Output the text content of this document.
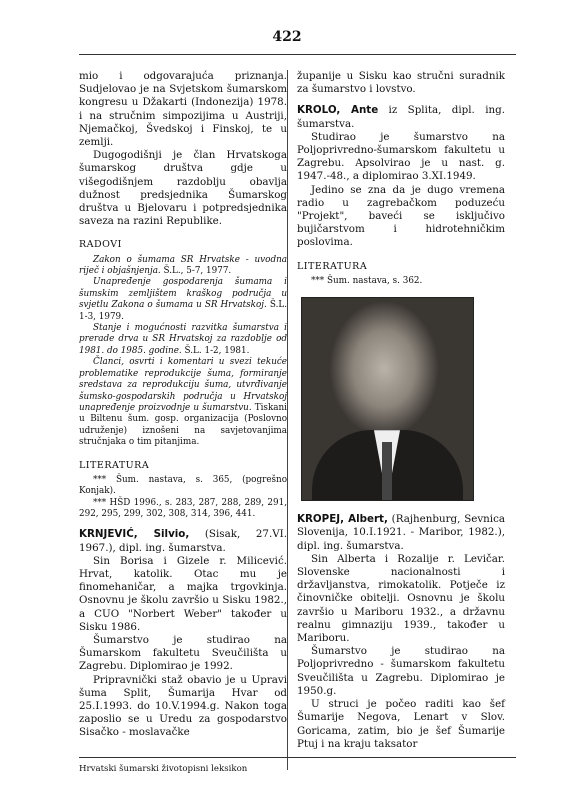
422

mio i odgovarajuća priznanja. Sudjelovao je na Svjetskom šumarskom kongresu u Džakarti (Indonezija) 1978. i na stručnim simpozijima u Austriji, Njemačkoj, Švedskoj i Finskoj, te u zemlji.

Dugogodišnji je član Hrvatskoga šumarskog društva gdje u višegodišnjem razdoblju obavlja dužnost predsjednika Šumarskog društva u Bjelovaru i potpredsjednika saveza na razini Republike.

RADOVI

Zakon o šumama SR Hrvatske - uvodna riječ i objašnjenja. Š.L., 5-7, 1977.

Unapređenje gospodarenja šumama i šumskim zemljištem kraškog područja u svjetlu Zakona o šumama u SR Hrvatskoj. Š.L. 1-3, 1979.

Stanje i mogućnosti razvitka šumarstva i prerade drva u SR Hrvatskoj za razdoblje od 1981. do 1985. godine. Š.L. 1-2, 1981.

Članci, osvrti i komentari u svezi tekuće problematike reprodukcije šuma, formiranje sredstava za reprodukciju šuma, utvrđivanje šumsko-gospodarskih područja u Hrvatskoj unapređenje proizvodnje u šumarstvu. Tiskani u Biltenu šum. gosp. organizacija (Poslovno udruženje) iznošeni na savjetovanjima stručnjaka o tim pitanjima.

LITERATURA

*** Šum. nastava, s. 365, (pogrešno Konjak).

*** HŠD 1996., s. 283, 287, 288, 289, 291, 292, 295, 299, 302, 308, 314, 396, 441.

KRNJEVIĆ, Silvio, (Sisak, 27.VI. 1967.), dipl. ing. šumarstva.

Sin Borisa i Gizele r. Milicević. Hrvat, katolik. Otac mu je finomehaničar, a majka trgovkinja. Osnovnu je školu završio u Sisku 1982., a CUO "Norbert Weber" također u Sisku 1986.

Šumarstvo je studirao na Šumarskom fakultetu Sveučilišta u Zagrebu. Diplomirao je 1992.

Pripravnički staž obavio je u Upravi šuma Split, Šumarija Hvar od 25.I.1993. do 10.V.1994.g. Nakon toga zaposlio se u Uredu za gospodarstvo Sisačko - moslavačke

županije u Sisku kao stručni suradnik za šumarstvo i lovstvo.

KROLO, Ante iz Splita, dipl. ing. šumarstva.

Studirao je šumarstvo na Poljoprivredno-šumarskom fakultetu u Zagrebu. Apsolvirao je u nast. g. 1947.-48., a diplomirao 3.XI.1949.

Jedino se zna da je dugo vremena radio u zagrebačkom poduzeću "Projekt", baveći se isključivo bujičarstvom i hidrotehničkim poslovima.

LITERATURA

*** Šum. nastava, s. 362.

KROPEJ, Albert, (Rajhenburg, Sevnica Slovenija, 10.I.1921. - Maribor, 1982.), dipl. ing. šumarstva.

Sin Alberta i Rozalije r. Levičar. Slovenske nacionalnosti i državljanstva, rimokatolik. Potječe iz činovničke obitelji. Osnovnu je školu završio u Mariboru 1932., a državnu realnu gimnaziju 1939., također u Mariboru.

Šumarstvo je studirao na Poljoprivredno - šumarskom fakultetu Sveučilišta u Zagrebu. Diplomirao je 1950.g.

U struci je počeo raditi kao šef Šumarije Negova, Lenart v Slov. Goricama, zatim, bio je šef Šumarije Ptuj i na kraju taksator

Hrvatski šumarski životopisni leksikon
